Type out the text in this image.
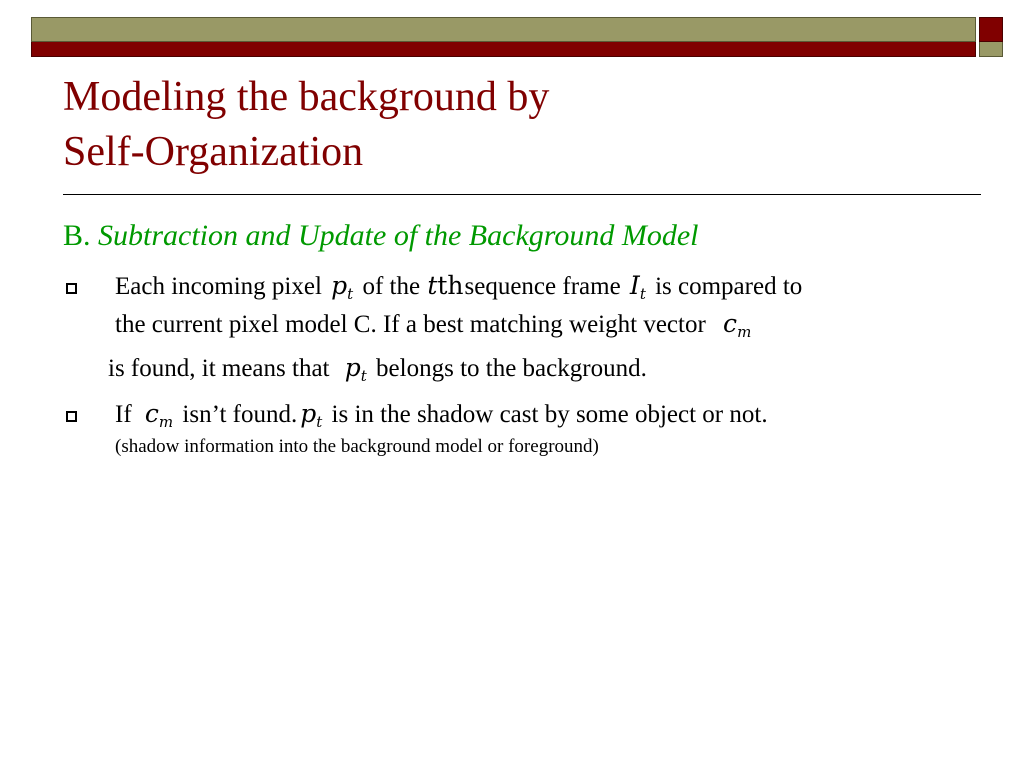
Modeling the background by
Self-Organization
B. Subtraction and Update of the Background Model
Each incoming pixel $p_t$ of the tthsequence frame $I_t$ is compared to
the current pixel model C. If a best matching weight vector $c_m$
is found, it means that $p_t$ belongs to the background.
If $c_m$ isn’t found. $p_t$ is in the shadow cast by some object or not.
(shadow information into the background model or foreground)
